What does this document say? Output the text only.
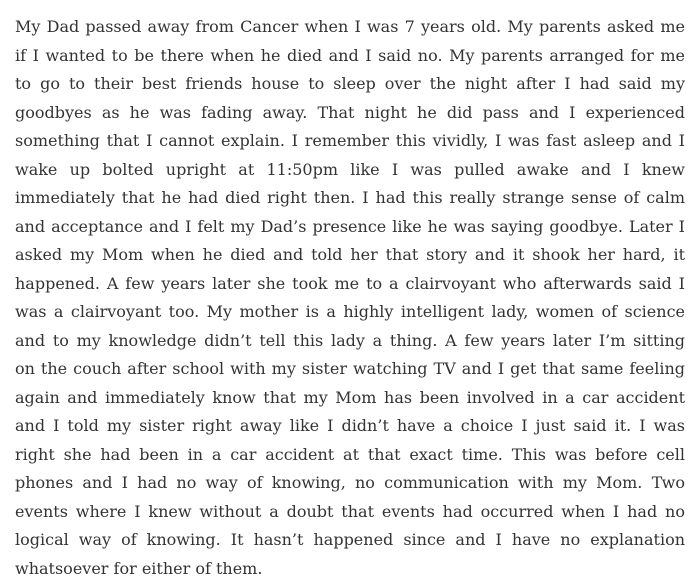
My Dad passed away from Cancer when I was 7 years old. My parents asked me
if I wanted to be there when he died and I said no. My parents arranged for me
to go to their best friends house to sleep over the night after I had said my
goodbyes as he was fading away. That night he did pass and I experienced
something that I cannot explain. I remember this vividly, I was fast asleep and I
wake up bolted upright at 11:50pm like I was pulled awake and I knew
immediately that he had died right then. I had this really strange sense of calm
and acceptance and I felt my Dad’s presence like he was saying goodbye. Later I
asked my Mom when he died and told her that story and it shook her hard, it
happened. A few years later she took me to a clairvoyant who afterwards said I
was a clairvoyant too. My mother is a highly intelligent lady, women of science
and to my knowledge didn’t tell this lady a thing. A few years later I’m sitting
on the couch after school with my sister watching TV and I get that same feeling
again and immediately know that my Mom has been involved in a car accident
and I told my sister right away like I didn’t have a choice I just said it. I was
right she had been in a car accident at that exact time. This was before cell
phones and I had no way of knowing, no communication with my Mom. Two
events where I knew without a doubt that events had occurred when I had no
logical way of knowing. It hasn’t happened since and I have no explanation
whatsoever for either of them.
